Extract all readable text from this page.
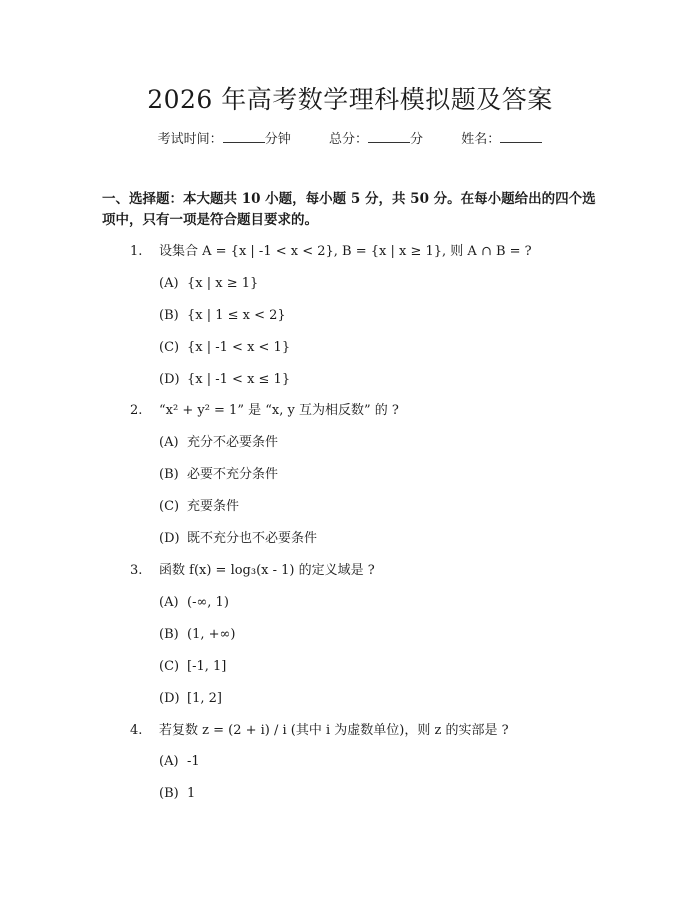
2026 年高考数学理科模拟题及答案
考试时间：	分钟	总分：	分	姓名：
一、选择题：本大题共 10 小题，每小题 5 分，共 50 分。在每小题给出的四个选项中，只有一项是符合题目要求的。
1. 设集合 A = {x | -1 < x < 2}, B = {x | x ≥ 1}, 则 A ∩ B = ?
(A) {x | x ≥ 1}
(B) {x | 1 ≤ x < 2}
(C) {x | -1 < x < 1}
(D) {x | -1 < x ≤ 1}
2. “x² + y² = 1” 是 “x, y 互为相反数” 的 ?
(A) 充分不必要条件
(B) 必要不充分条件
(C) 充要条件
(D) 既不充分也不必要条件
3. 函数 f(x) = log₃(x - 1) 的定义域是 ?
(A) (-∞, 1)
(B) (1, +∞)
(C) [-1, 1]
(D) [1, 2]
4. 若复数 z = (2 + i) / i (其中 i 为虚数单位)，则 z 的实部是 ?
(A) -1
(B) 1
